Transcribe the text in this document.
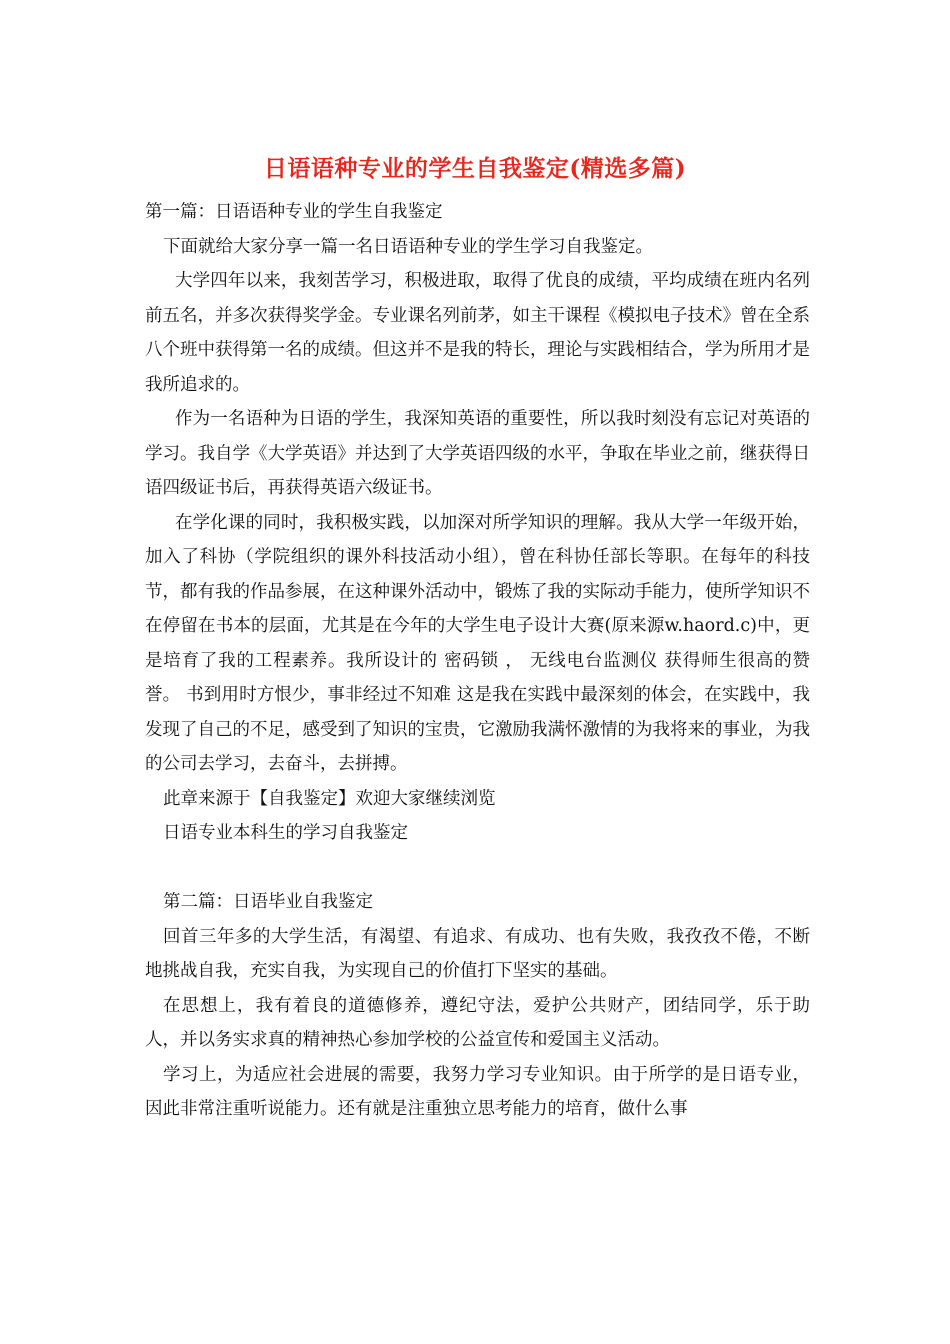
日语语种专业的学生自我鉴定(精选多篇)

第一篇：日语语种专业的学生自我鉴定

下面就给大家分享一篇一名日语语种专业的学生学习自我鉴定。

大学四年以来，我刻苦学习，积极进取，取得了优良的成绩，平均成绩在班内名列前五名，并多次获得奖学金。专业课名列前茅，如主干课程《模拟电子技术》曾在全系八个班中获得第一名的成绩。但这并不是我的特长，理论与实践相结合，学为所用才是我所追求的。

作为一名语种为日语的学生，我深知英语的重要性，所以我时刻没有忘记对英语的学习。我自学《大学英语》并达到了大学英语四级的水平，争取在毕业之前，继获得日语四级证书后，再获得英语六级证书。

在学化课的同时，我积极实践，以加深对所学知识的理解。我从大学一年级开始，加入了科协（学院组织的课外科技活动小组），曾在科协任部长等职。在每年的科技节，都有我的作品参展，在这种课外活动中，锻炼了我的实际动手能力，使所学知识不在停留在书本的层面，尤其是在今年的大学生电子设计大赛(原来源w.haord.c)中，更是培育了我的工程素养。我所设计的 密码锁 ， 无线电台监测仪 获得师生很高的赞誉。 书到用时方恨少，事非经过不知难 这是我在实践中最深刻的体会，在实践中，我发现了自己的不足，感受到了知识的宝贵，它激励我满怀激情的为我将来的事业，为我的公司去学习，去奋斗，去拼搏。

此章来源于【自我鉴定】欢迎大家继续浏览

日语专业本科生的学习自我鉴定

第二篇：日语毕业自我鉴定

回首三年多的大学生活，有渴望、有追求、有成功、也有失败，我孜孜不倦，不断地挑战自我，充实自我，为实现自己的价值打下坚实的基础。

在思想上，我有着良的道德修养，遵纪守法，爱护公共财产，团结同学，乐于助人，并以务实求真的精神热心参加学校的公益宣传和爱国主义活动。

学习上，为适应社会进展的需要，我努力学习专业知识。由于所学的是日语专业，因此非常注重听说能力。还有就是注重独立思考能力的培育，做什么事
